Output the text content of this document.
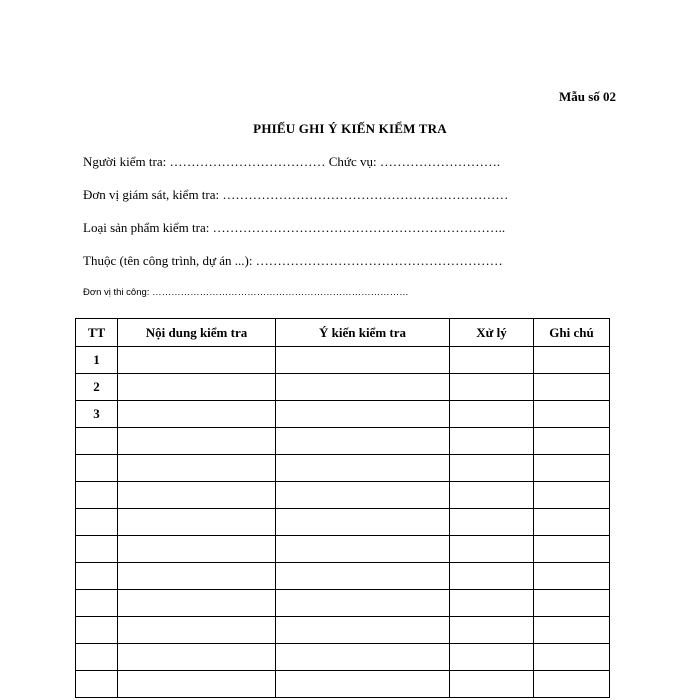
Mẫu số 02
PHIẾU GHI Ý KIẾN KIỂM TRA
Người kiểm tra: ……………………………… Chức vụ: ……………………….
Đơn vị giám sát, kiểm tra: …………………………………………………………
Loại sản phẩm kiểm tra: …………………………………………………………..
Thuộc (tên công trình, dự án ...): …………………………………………………
Đơn vị thi công: ………………………………………………………………………
TT	Nội dung kiểm tra	Ý kiến kiểm tra	Xử lý	Ghi chú
1				
2				
3				
